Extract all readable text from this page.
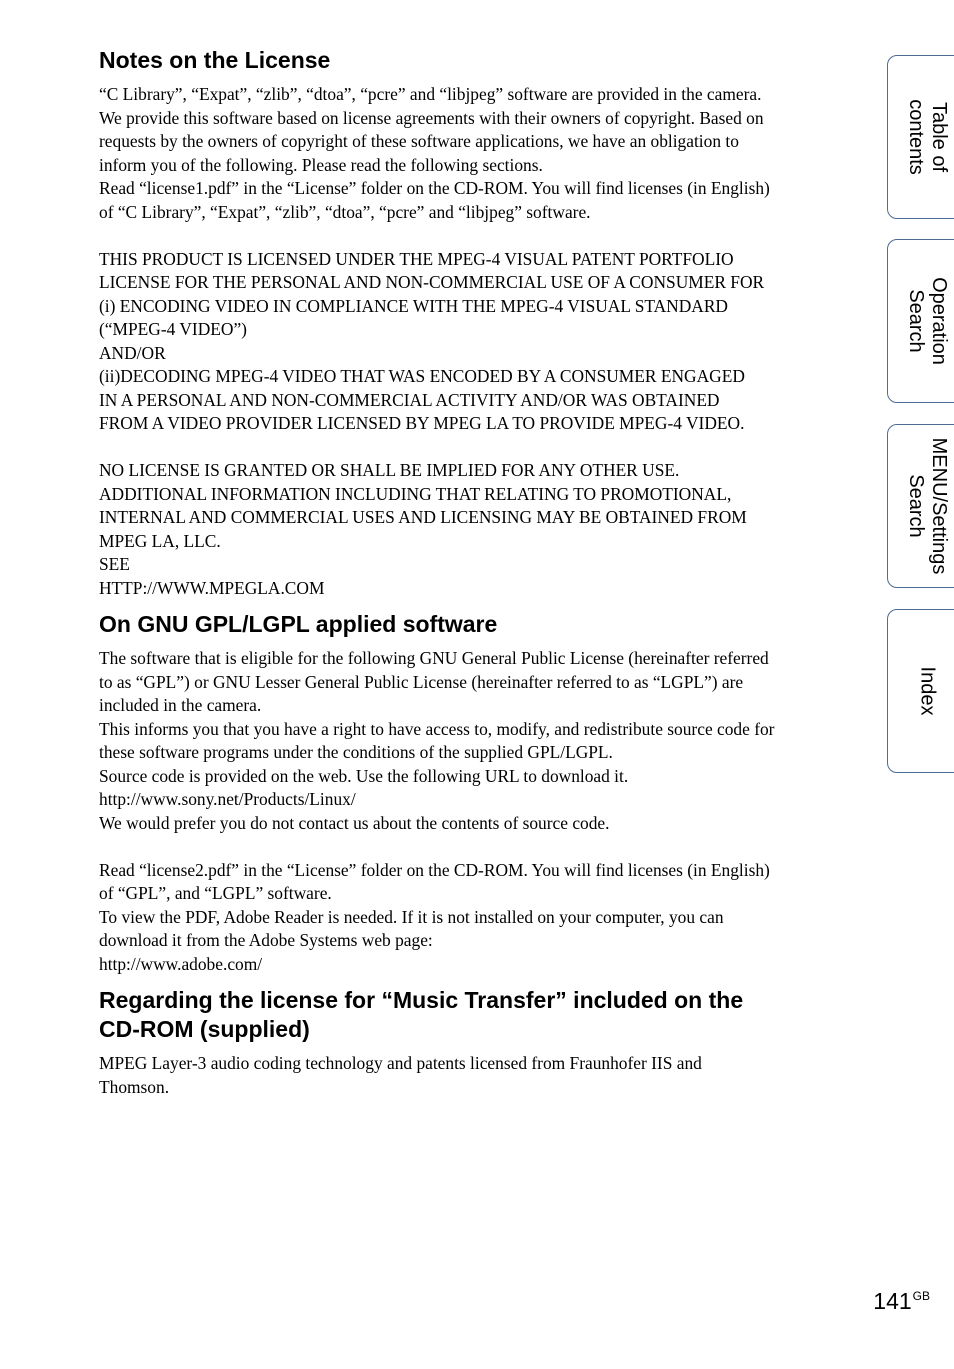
Notes on the License
“C Library”, “Expat”, “zlib”, “dtoa”, “pcre” and “libjpeg” software are provided in the camera.
We provide this software based on license agreements with their owners of copyright. Based on
requests by the owners of copyright of these software applications, we have an obligation to
inform you of the following. Please read the following sections.
Read “license1.pdf” in the “License” folder on the CD-ROM. You will find licenses (in English)
of “C Library”, “Expat”, “zlib”, “dtoa”, “pcre” and “libjpeg” software.
THIS PRODUCT IS LICENSED UNDER THE MPEG-4 VISUAL PATENT PORTFOLIO
LICENSE FOR THE PERSONAL AND NON-COMMERCIAL USE OF A CONSUMER FOR
(i) ENCODING VIDEO IN COMPLIANCE WITH THE MPEG-4 VISUAL STANDARD
(“MPEG-4 VIDEO”)
AND/OR
(ii)DECODING MPEG-4 VIDEO THAT WAS ENCODED BY A CONSUMER ENGAGED
IN A PERSONAL AND NON-COMMERCIAL ACTIVITY AND/OR WAS OBTAINED
FROM A VIDEO PROVIDER LICENSED BY MPEG LA TO PROVIDE MPEG-4 VIDEO.
NO LICENSE IS GRANTED OR SHALL BE IMPLIED FOR ANY OTHER USE.
ADDITIONAL INFORMATION INCLUDING THAT RELATING TO PROMOTIONAL,
INTERNAL AND COMMERCIAL USES AND LICENSING MAY BE OBTAINED FROM
MPEG LA, LLC.
SEE
HTTP://WWW.MPEGLA.COM
On GNU GPL/LGPL applied software
The software that is eligible for the following GNU General Public License (hereinafter referred
to as “GPL”) or GNU Lesser General Public License (hereinafter referred to as “LGPL”) are
included in the camera.
This informs you that you have a right to have access to, modify, and redistribute source code for
these software programs under the conditions of the supplied GPL/LGPL.
Source code is provided on the web. Use the following URL to download it.
http://www.sony.net/Products/Linux/
We would prefer you do not contact us about the contents of source code.
Read “license2.pdf” in the “License” folder on the CD-ROM. You will find licenses (in English)
of “GPL”, and “LGPL” software.
To view the PDF, Adobe Reader is needed. If it is not installed on your computer, you can
download it from the Adobe Systems web page:
http://www.adobe.com/
Regarding the license for “Music Transfer” included on the
CD-ROM (supplied)
MPEG Layer-3 audio coding technology and patents licensed from Fraunhofer IIS and
Thomson.
Table of
contents
Operation
Search
MENU/Settings
Search
Index
$141^{GB}$
